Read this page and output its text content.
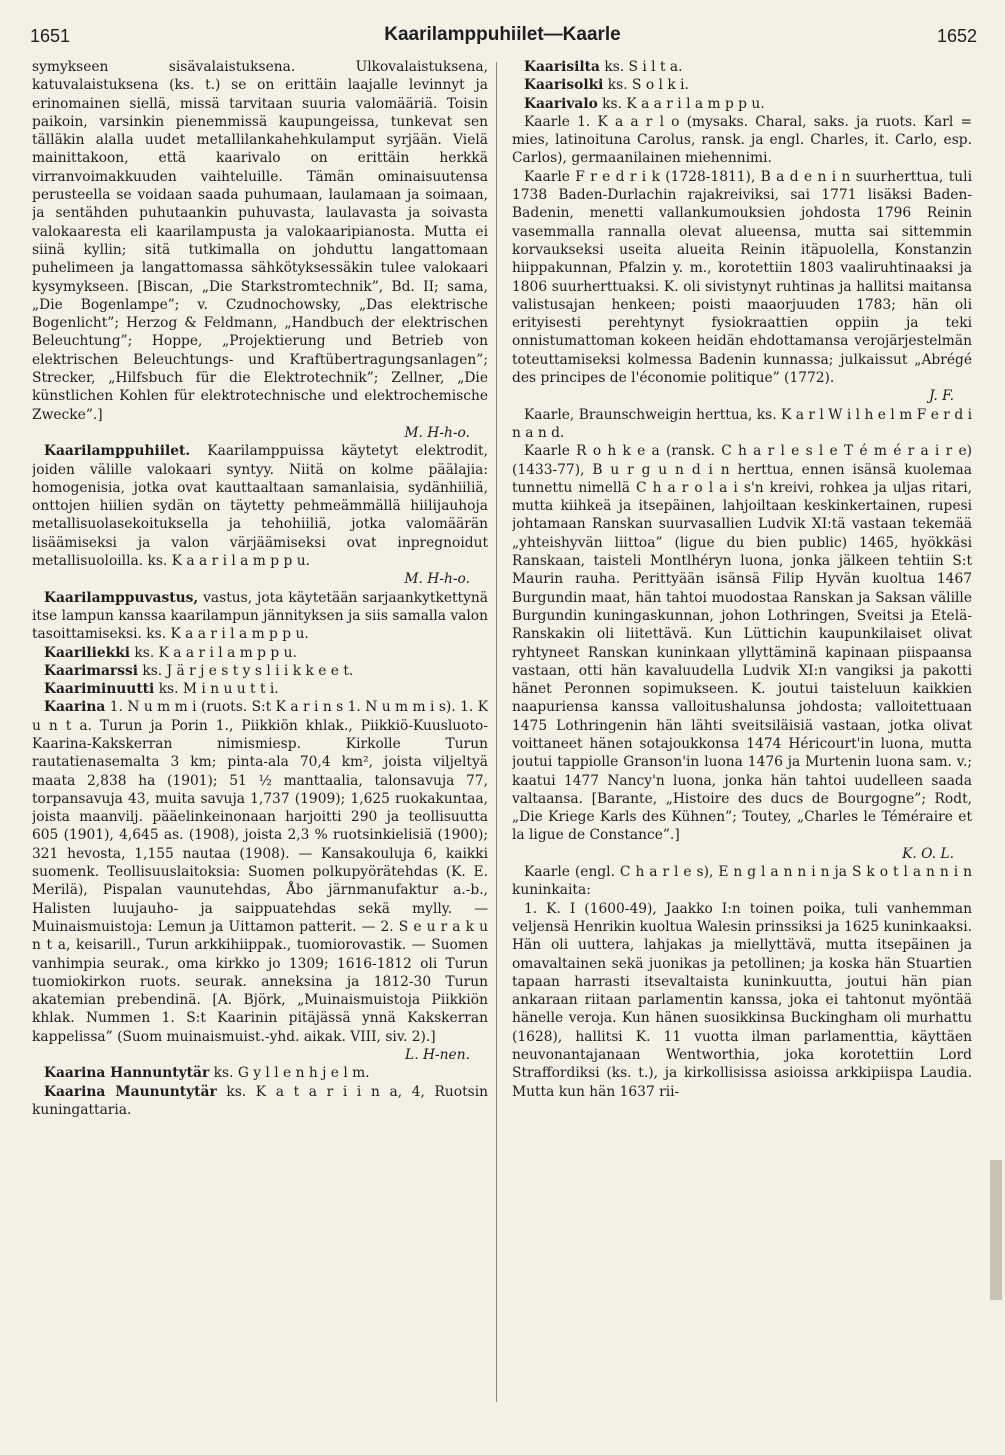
1651	Kaarilamppuhiilet—Kaarle	1652

symykseen sisävalaistuksena. Ulkovalaistuksena, katuvalaistuksena (ks. t.) se on erittäin laajalle levinnyt ja erinomainen siellä, missä tarvitaan suuria valomääriä. Toisin paikoin, varsinkin pienemmissä kaupungeissa, tunkevat sen tälläkin alalla uudet metallilankahehkulamput syrjään. Vielä mainittakoon, että kaarivalo on erittäin herkkä virranvoimakkuuden vaihteluille. Tämän ominaisuutensa perusteella se voidaan saada puhumaan, laulamaan ja soimaan, ja sentähden puhutaankin puhuvasta, laulavasta ja soivasta valokaaresta eli kaarilampusta ja valokaaripianosta. Mutta ei siinä kyllin; sitä tutkimalla on johduttu langattomaan puhelimeen ja langattomassa sähkötyksessäkin tulee valokaari kysymykseen. [Biscan, „Die Starkstromtechnik”, Bd. II; sama, „Die Bogenlampe”; v. Czudnochowsky, „Das elektrische Bogenlicht”; Herzog & Feldmann, „Handbuch der elektrischen Beleuchtung”; Hoppe, „Projektierung und Betrieb von elektrischen Beleuchtungs- und Kraftübertragungsanlagen”; Strecker, „Hilfsbuch für die Elektrotechnik”; Zellner, „Die künstlichen Kohlen für elektrotechnische und elektrochemische Zwecke”.]

M. H-h-o.

Kaarilamppuhiilet. Kaarilamppuissa käytetyt elektrodit, joiden välille valokaari syntyy. Niitä on kolme päälajia: homogenisia, jotka ovat kauttaaltaan samanlaisia, sydänhiiliä, onttojen hiilien sydän on täytetty pehmeämmällä hiilijauhoja metallisuolasekoituksella ja tehohiiliä, jotka valomäärän lisäämiseksi ja valon värjäämiseksi ovat inpregnoidut metallisuoloilla. ks. K a a r i l a m p p u.

M. H-h-o.

Kaarilamppuvastus, vastus, jota käytetään sarjaankytkettynä itse lampun kanssa kaarilampun jännityksen ja siis samalla valon tasoittamiseksi. ks. K a a r i l a m p p u.

Kaariliekki ks. K a a r i l a m p p u.

Kaarimarssi ks. J ä r j e s t y s l i i k k e e t.

Kaariminuutti ks. M i n u u t t i.

Kaarina 1. N u m m i (ruots. S:t K a r i n s 1. N u m m i s). 1. K u n t a. Turun ja Porin 1., Piikkiön khlak., Piikkiö-Kuusluoto-Kaarina-Kakskerran nimismiesp. Kirkolle Turun rautatienasemalta 3 km; pinta-ala 70,4 km², joista viljeltyä maata 2,838 ha (1901); 51 ½ manttaalia, talonsavuja 77, torpansavuja 43, muita savuja 1,737 (1909); 1,625 ruokakuntaa, joista maanvilj. pääelinkeinonaan harjoitti 290 ja teollisuutta 605 (1901), 4,645 as. (1908), joista 2,3 % ruotsinkielisiä (1900); 321 hevosta, 1,155 nautaa (1908). — Kansakouluja 6, kaikki suomenk. Teollisuuslaitoksia: Suomen polkupyörätehdas (K. E. Merilä), Pispalan vaunutehdas, Åbo järnmanufaktur a.-b., Halisten luujauho- ja saippuatehdas sekä mylly. — Muinaismuistoja: Lemun ja Uittamon patterit. — 2. S e u r a k u n t a, keisarill., Turun arkkihiippak., tuomiorovastik. — Suomen vanhimpia seurak., oma kirkko jo 1309; 1616-1812 oli Turun tuomiokirkon ruots. seurak. anneksina ja 1812-30 Turun akatemian prebendinä. [A. Björk, „Muinaismuistoja Piikkiön khlak. Nummen 1. S:t Kaarinin pitäjässä ynnä Kakskerran kappelissa” (Suom muinaismuist.-yhd. aikak. VIII, siv. 2).]

L. H-nen.

Kaarina Hannuntytär ks. G y l l e n h j e l m.

Kaarina Maununtytär ks. K a t a r i i n a, 4, Ruotsin kuningattaria.

Kaarisilta ks. S i l t a.

Kaarisolki ks. S o l k i.

Kaarivalo ks. K a a r i l a m p p u.

Kaarle 1. K a a r l o (mysaks. Charal, saks. ja ruots. Karl = mies, latinoituna Carolus, ransk. ja engl. Charles, it. Carlo, esp. Carlos), germaanilainen miehennimi.

Kaarle F r e d r i k (1728-1811), B a d e n i n suurherttua, tuli 1738 Baden-Durlachin rajakreiviksi, sai 1771 lisäksi Baden-Badenin, menetti vallankumouksien johdosta 1796 Reinin vasemmalla rannalla olevat alueensa, mutta sai sittemmin korvaukseksi useita alueita Reinin itäpuolella, Konstanzin hiippakunnan, Pfalzin y. m., korotettiin 1803 vaaliruhtinaaksi ja 1806 suurherttuaksi. K. oli sivistynyt ruhtinas ja hallitsi maitansa valistusajan henkeen; poisti maaorjuuden 1783; hän oli erityisesti perehtynyt fysiokraattien oppiin ja teki onnistumattoman kokeen heidän ehdottamansa verojärjestelmän toteuttamiseksi kolmessa Badenin kunnassa; julkaissut „Abrégé des principes de l'économie politique” (1772).

J. F.

Kaarle, Braunschweigin herttua, ks. K a r l W i l h e l m F e r d i n a n d.

Kaarle R o h k e a (ransk. C h a r l e s l e T é m é r a i r e) (1433-77), B u r g u n d i n herttua, ennen isänsä kuolemaa tunnettu nimellä C h a r o l a i s'n kreivi, rohkea ja uljas ritari, mutta kiihkeä ja itsepäinen, lahjoiltaan keskinkertainen, rupesi johtamaan Ranskan suurvasallien Ludvik XI:tä vastaan tekemää „yhteishyvän liittoa” (ligue du bien public) 1465, hyökkäsi Ranskaan, taisteli Montlhéryn luona, jonka jälkeen tehtiin S:t Maurin rauha. Perittyään isänsä Filip Hyvän kuoltua 1467 Burgundin maat, hän tahtoi muodostaa Ranskan ja Saksan välille Burgundin kuningaskunnan, johon Lothringen, Sveitsi ja Etelä-Ranskakin oli liitettävä. Kun Lüttichin kaupunkilaiset olivat ryhtyneet Ranskan kuninkaan yllyttäminä kapinaan piispaansa vastaan, otti hän kavaluudella Ludvik XI:n vangiksi ja pakotti hänet Peronnen sopimukseen. K. joutui taisteluun kaikkien naapuriensa kanssa valloitushalunsa johdosta; valloitettuaan 1475 Lothringenin hän lähti sveitsiläisiä vastaan, jotka olivat voittaneet hänen sotajoukkonsa 1474 Héricourt'in luona, mutta joutui tappiolle Granson'in luona 1476 ja Murtenin luona sam. v.; kaatui 1477 Nancy'n luona, jonka hän tahtoi uudelleen saada valtaansa. [Barante, „Histoire des ducs de Bourgogne”; Rodt, „Die Kriege Karls des Kühnen”; Toutey, „Charles le Téméraire et la ligue de Constance”.]

K. O. L.

Kaarle (engl. C h a r l e s), E n g l a n n i n ja S k o t l a n n i n kuninkaita:

1. K. I (1600-49), Jaakko I:n toinen poika, tuli vanhemman veljensä Henrikin kuoltua Walesin prinssiksi ja 1625 kuninkaaksi. Hän oli uuttera, lahjakas ja miellyttävä, mutta itsepäinen ja omavaltainen sekä juonikas ja petollinen; ja koska hän Stuartien tapaan harrasti itsevaltaista kuninkuutta, joutui hän pian ankaraan riitaan parlamentin kanssa, joka ei tahtonut myöntää hänelle veroja. Kun hänen suosikkinsa Buckingham oli murhattu (1628), hallitsi K. 11 vuotta ilman parlamenttia, käyttäen neuvonantajanaan Wentworthia, joka korotettiin Lord Straffordiksi (ks. t.), ja kirkollisissa asioissa arkkipiispa Laudia. Mutta kun hän 1637 rii-
